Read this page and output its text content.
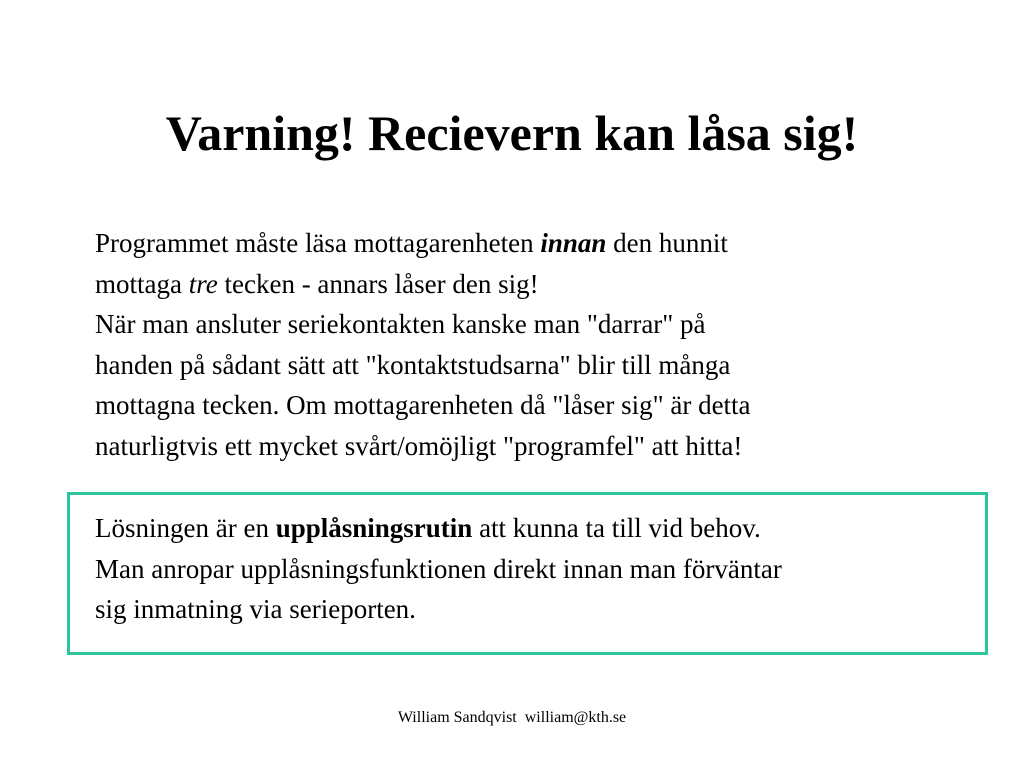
Varning! Recievern kan låsa sig!

Programmet måste läsa mottagarenheten innan den hunnit
mottaga tre tecken - annars låser den sig!
När man ansluter seriekontakten kanske man "darrar" på
handen på sådant sätt att "kontaktstudsarna" blir till många
mottagna tecken. Om mottagarenheten då "låser sig" är detta
naturligtvis ett mycket svårt/omöjligt "programfel" att hitta!

Lösningen är en upplåsningsrutin att kunna ta till vid behov.
Man anropar upplåsningsfunktionen direkt innan man förväntar
sig inmatning via serieporten.

William Sandqvist william@kth.se
